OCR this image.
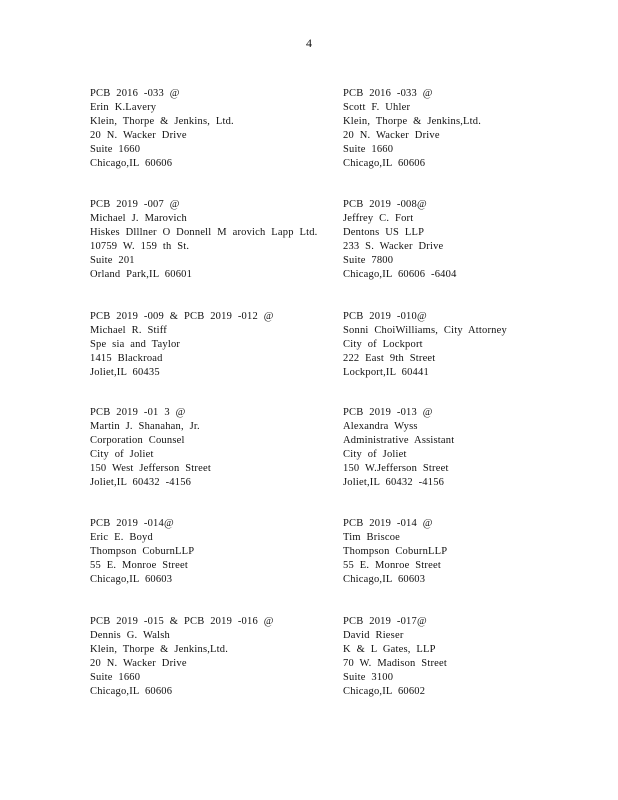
4
PCB 2016 -033 @
Erin K.Lavery
Klein, Thorpe & Jenkins, Ltd.
20 N. Wacker Drive
Suite 1660
Chicago,IL 60606
PCB 2016 -033 @
Scott F. Uhler
Klein, Thorpe & Jenkins,Ltd.
20 N. Wacker Drive
Suite 1660
Chicago,IL 60606
PCB 2019 -007 @
Michael J. Marovich
Hiskes Dlllner O Donnell M arovich Lapp Ltd.
10759 W. 159 th St.
Suite 201
Orland Park,IL 60601
PCB 2019 -008@
Jeffrey C. Fort
Dentons US LLP
233 S. Wacker Drive
Suite 7800
Chicago,IL 60606 -6404
PCB 2019 -009 & PCB 2019 -012 @
Michael R. Stiff
Spe sia and Taylor
1415 Blackroad
Joliet,IL 60435
PCB 2019 -010@
Sonni ChoiWilliams, City Attorney
City of Lockport
222 East 9th Street
Lockport,IL 60441
PCB 2019 -01 3 @
Martin J. Shanahan, Jr.
Corporation Counsel
City of Joliet
150 West Jefferson Street
Joliet,IL 60432 -4156
PCB 2019 -013 @
Alexandra Wyss
Administrative Assistant
City of Joliet
150 W.Jefferson Street
Joliet,IL 60432 -4156
PCB 2019 -014@
Eric E. Boyd
Thompson CoburnLLP
55 E. Monroe Street
Chicago,IL 60603
PCB 2019 -014 @
Tim Briscoe
Thompson CoburnLLP
55 E. Monroe Street
Chicago,IL 60603
PCB 2019 -015 & PCB 2019 -016 @
Dennis G. Walsh
Klein, Thorpe & Jenkins,Ltd.
20 N. Wacker Drive
Suite 1660
Chicago,IL 60606
PCB 2019 -017@
David Rieser
K & L Gates, LLP
70 W. Madison Street
Suite 3100
Chicago,IL 60602
